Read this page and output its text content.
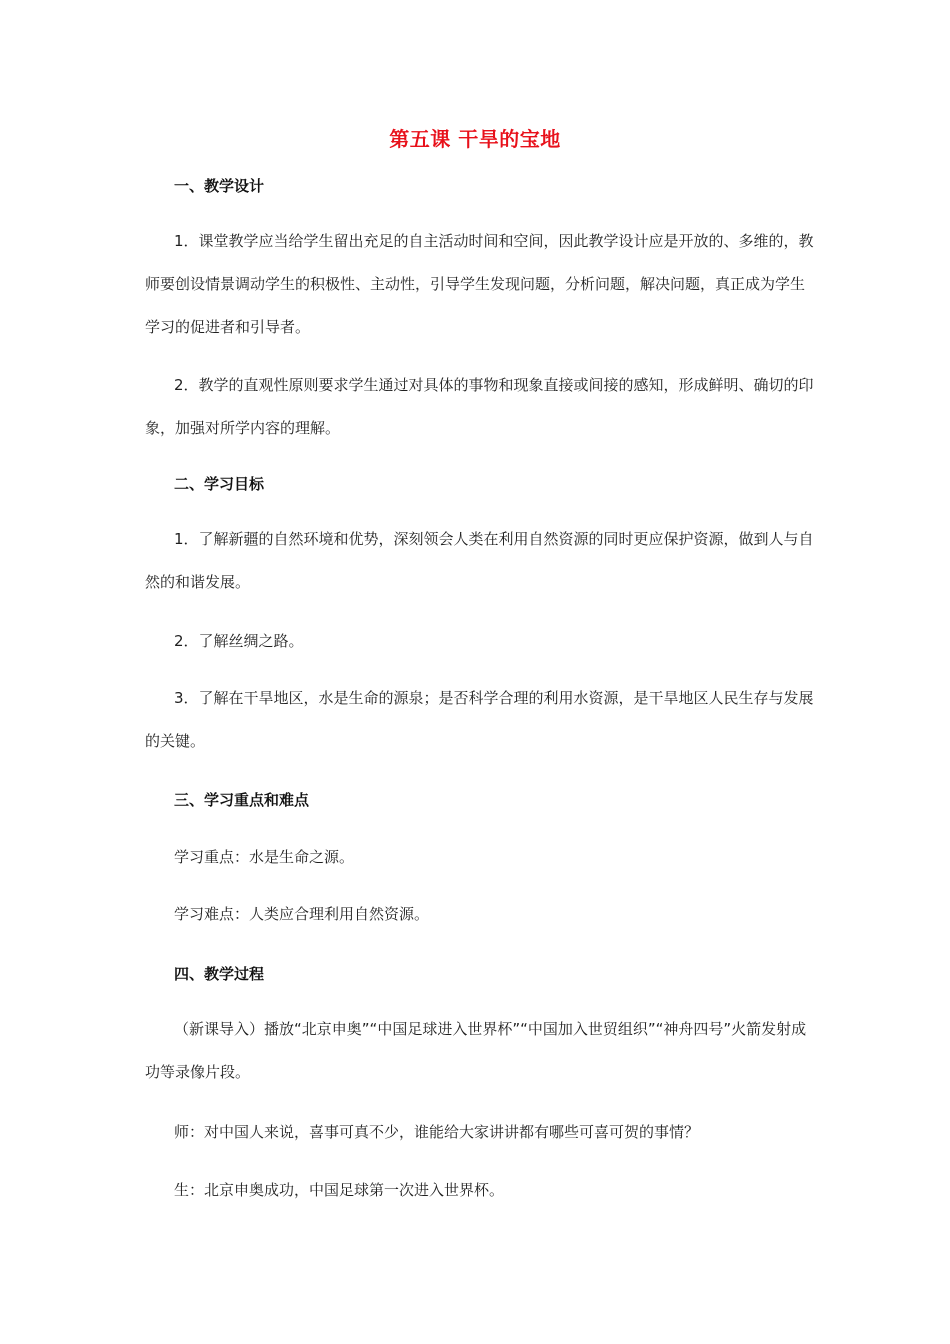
第五课 干旱的宝地
一、教学设计

1．课堂教学应当给学生留出充足的自主活动时间和空间，因此教学设计应是开放的、多维的，教师要创设情景调动学生的积极性、主动性，引导学生发现问题，分析问题，解决问题，真正成为学生学习的促进者和引导者。

2．教学的直观性原则要求学生通过对具体的事物和现象直接或间接的感知，形成鲜明、确切的印象，加强对所学内容的理解。

二、学习目标

1．了解新疆的自然环境和优势，深刻领会人类在利用自然资源的同时更应保护资源，做到人与自然的和谐发展。

2．了解丝绸之路。

3．了解在干旱地区，水是生命的源泉；是否科学合理的利用水资源，是干旱地区人民生存与发展的关键。

三、学习重点和难点

学习重点：水是生命之源。

学习难点：人类应合理利用自然资源。

四、教学过程

（新课导入）播放“北京申奥”“中国足球进入世界杯”“中国加入世贸组织”“神舟四号”火箭发射成功等录像片段。

师：对中国人来说，喜事可真不少，谁能给大家讲讲都有哪些可喜可贺的事情？

生：北京申奥成功，中国足球第一次进入世界杯。
